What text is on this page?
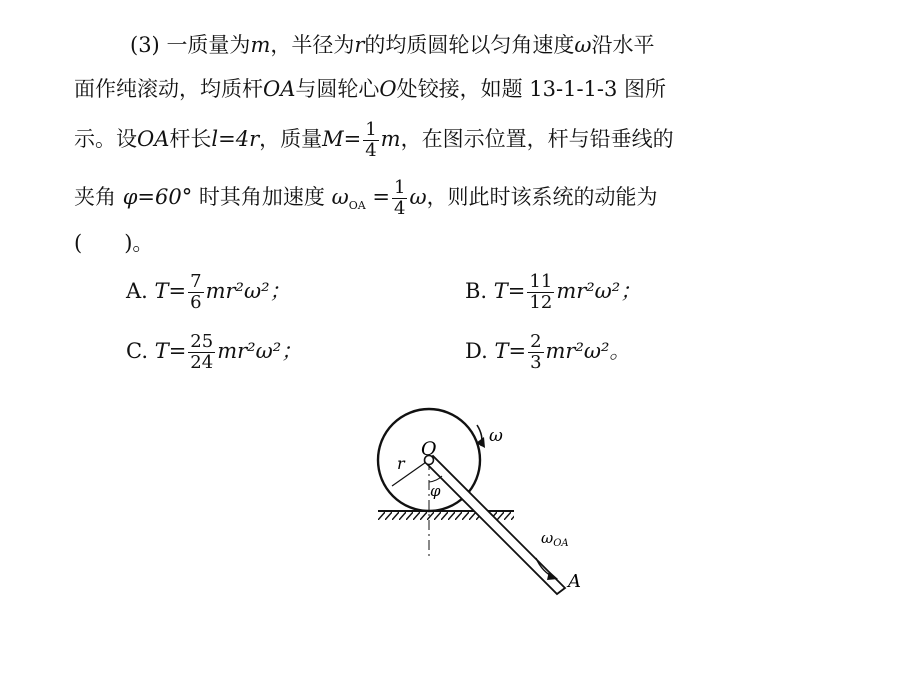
(3) 一质量为m，半径为r的均质圆轮以匀角速度ω沿水平
面作纯滚动，均质杆OA与圆轮心O处铰接，如题 13-1-1-3 图所
示。设OA杆长l=4r，质量$M= \frac{1}{4}$ m，在图示位置，杆与铅垂线的
夹角 φ=60° 时其角加速度 $\omega_{OA} = \frac{1}{4}$ ω，则此时该系统的动能为
(　　)。
A. $T= \frac{7}{6} mr^2\omega^2$；	B. $T= \frac{11}{12} mr^2\omega^2$；
C. $T= \frac{25}{24} mr^2\omega^2$；	D. $T= \frac{2}{3} mr^2\omega^2$。
O
r
ω
φ
$\omega_{OA}$
A
